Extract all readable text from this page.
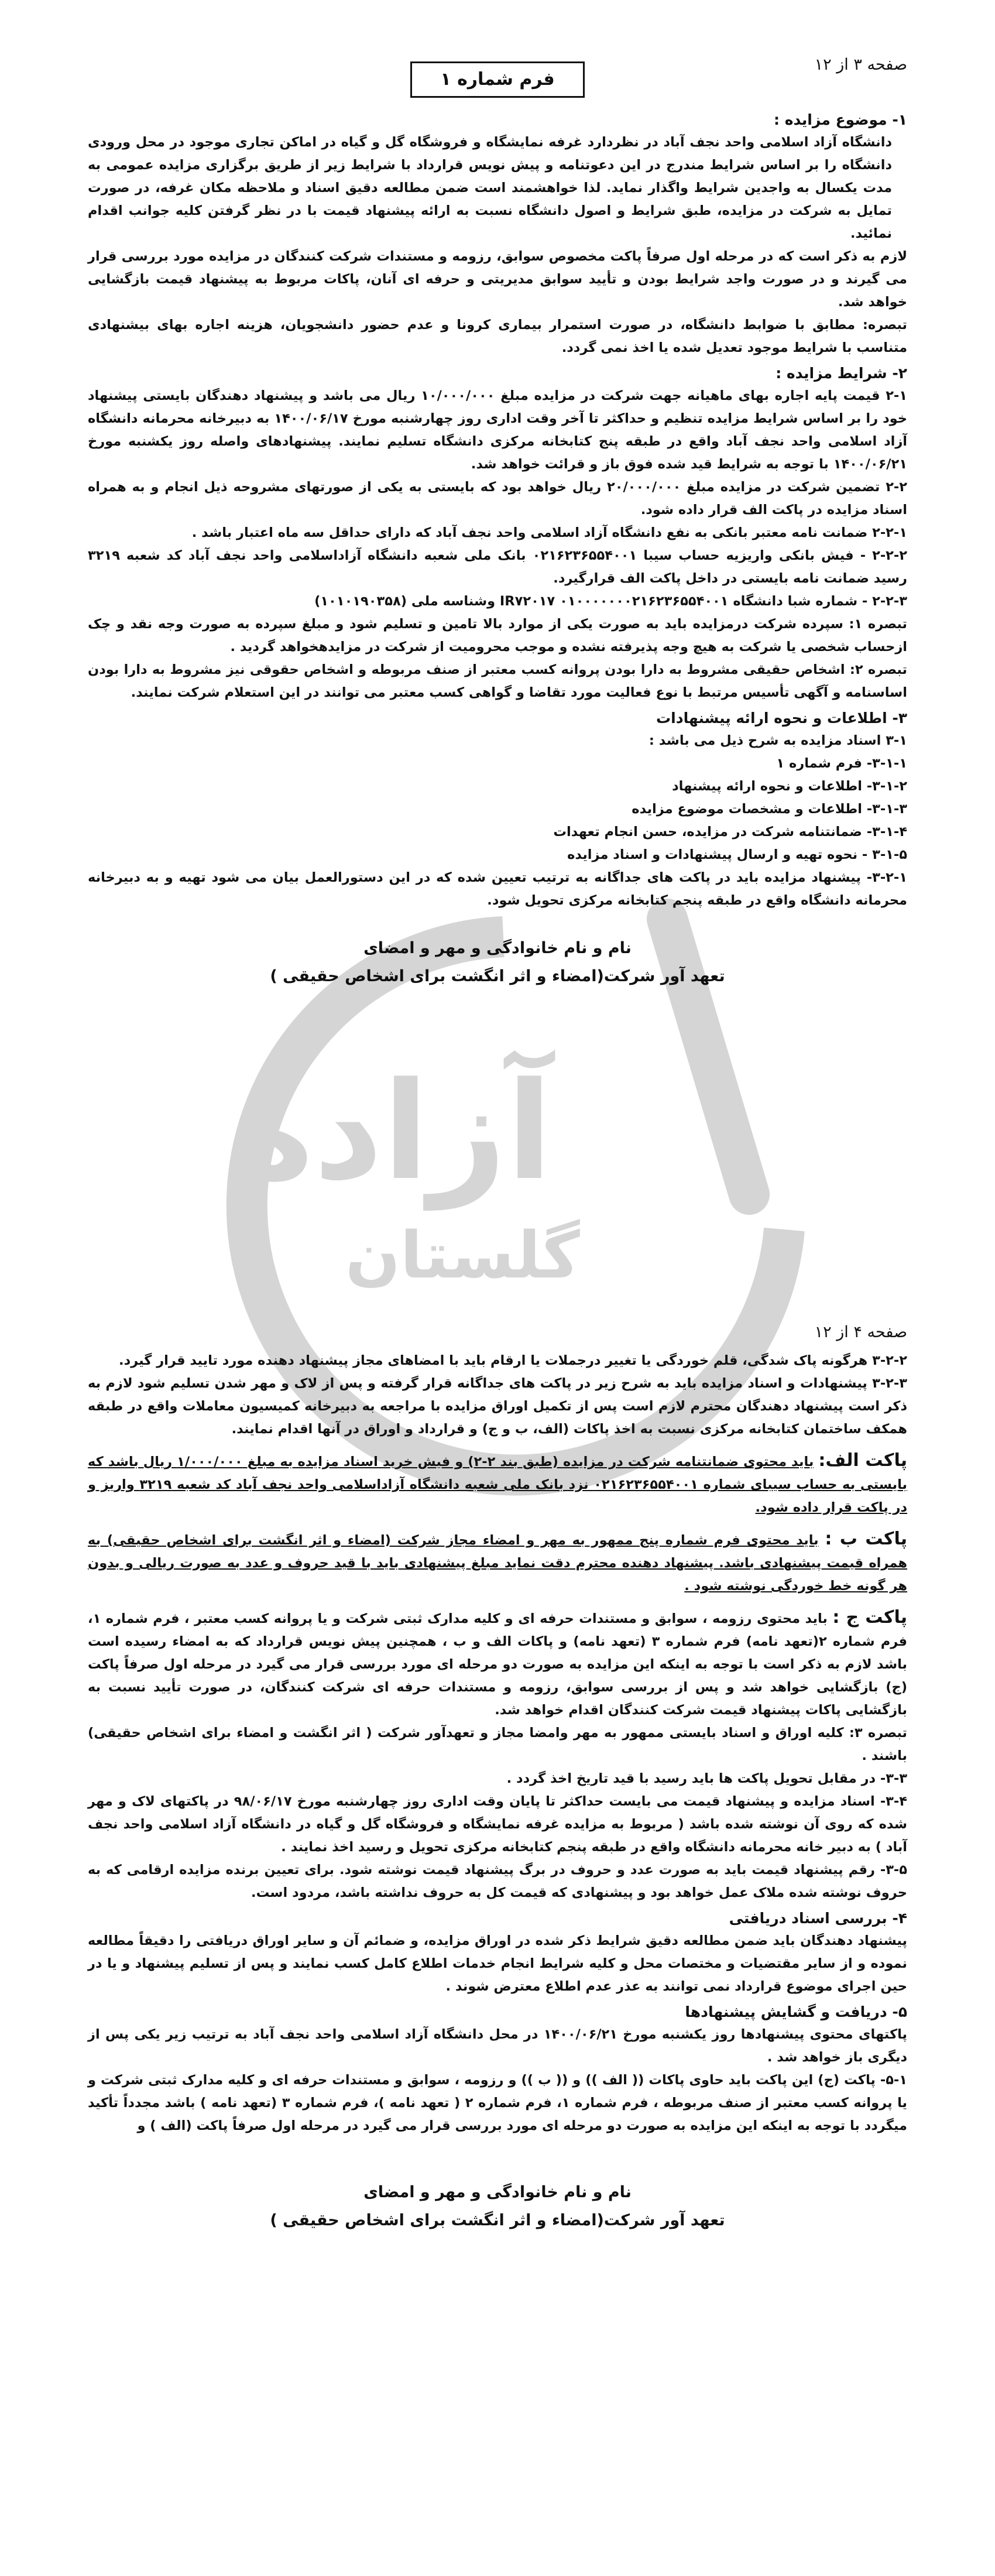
صفحه ۳ از ۱۲
فرم شماره ۱
۱- موضوع مزایده :
دانشگاه آزاد اسلامی واحد نجف آباد در نظردارد غرفه نمایشگاه و فروشگاه گل و گیاه در اماکن تجاری موجود در محل ورودی دانشگاه را بر اساس شرایط مندرج در این دعوتنامه و پیش نویس قرارداد با شرایط زیر از طریق برگزاری مزایده عمومی به مدت یکسال به واجدین شرایط واگذار نماید. لذا خواهشمند است ضمن مطالعه دقیق اسناد و ملاحظه مکان غرفه، در صورت تمایل به شرکت در مزایده، طبق شرایط و اصول دانشگاه نسبت به ارائه پیشنهاد قیمت با در نظر گرفتن کلیه جوانب اقدام نمائید.
لازم به ذکر است که در مرحله اول صرفاً پاکت مخصوص سوابق، رزومه و مستندات شرکت کنندگان در مزایده مورد بررسی قرار می گیرند و در صورت واجد شرایط بودن و تأیید سوابق مدیریتی و حرفه ای آنان، پاکات مربوط به پیشنهاد قیمت بازگشایی خواهد شد.
تبصره: مطابق با ضوابط دانشگاه، در صورت استمرار بیماری کرونا و عدم حضور دانشجویان، هزینه اجاره بهای بیشنهادی متناسب با شرایط موجود تعدیل شده یا اخذ نمی گردد.
۲- شرایط مزایده :
۲-۱ قیمت پایه اجاره بهای ماهیانه جهت شرکت در مزایده مبلغ ۱۰/۰۰۰/۰۰۰ ریال می باشد و پیشنهاد دهندگان بایستی پیشنهاد خود را بر اساس شرایط مزایده تنظیم و حداکثر تا آخر وقت اداری روز چهارشنبه مورخ ۱۴۰۰/۰۶/۱۷ به دبیرخانه محرمانه دانشگاه آزاد اسلامی واحد نجف آباد واقع در طبقه پنج کتابخانه مرکزی دانشگاه تسلیم نمایند. پیشنهادهای واصله روز یکشنبه مورخ ۱۴۰۰/۰۶/۲۱ با توجه به شرایط قید شده فوق باز و قرائت خواهد شد.
۲-۲ تضمین شرکت در مزایده مبلغ ۲۰/۰۰۰/۰۰۰ ریال خواهد بود که بایستی به یکی از صورتهای مشروحه ذیل انجام و به همراه اسناد مزایده در پاکت الف قرار داده شود.
۲-۲-۱ ضمانت نامه معتبر بانکی به نفع دانشگاه آزاد اسلامی واحد نجف آباد که دارای حداقل سه ماه اعتبار باشد .
۲-۲-۲ - فیش بانکی واریزیه حساب سیبا ۰۲۱۶۲۳۶۵۵۴۰۰۱ بانک ملی شعبه دانشگاه آزاداسلامی واحد نجف آباد کد شعبه ۳۲۱۹ رسید ضمانت نامه بایستی در داخل پاکت الف قرارگیرد.
۲-۲-۳ - شماره شبا دانشگاه ۰۱۰۰۰۰۰۰۰۲۱۶۲۳۶۵۵۴۰۰۱ IR۷۲۰۱۷ وشناسه ملی (۱۰۱۰۱۹۰۳۵۸)
تبصره ۱: سپرده شرکت درمزایده باید به صورت یکی از موارد بالا تامین و تسلیم شود و مبلغ سپرده به صورت وجه نقد و چک ازحساب شخصی یا شرکت به هیچ وجه پذیرفته نشده و موجب محرومیت از شرکت در مزایدهخواهد گردید .
تبصره ۲: اشخاص حقیقی مشروط به دارا بودن پروانه کسب معتبر از صنف مربوطه و اشخاص حقوقی نیز مشروط به دارا بودن اساسنامه و آگهی تأسیس مرتبط با نوع فعالیت مورد تقاضا و گواهی کسب معتبر می توانند در این استعلام شرکت نمایند.
۳- اطلاعات و نحوه ارائه پیشنهادات
۳-۱ اسناد مزایده به شرح ذیل می باشد :
۳-۱-۱- فرم شماره ۱
۳-۱-۲- اطلاعات و نحوه ارائه پیشنهاد
۳-۱-۳- اطلاعات و مشخصات موضوع مزایده
۳-۱-۴- ضمانتنامه شرکت در مزایده، حسن انجام تعهدات
۳-۱-۵ - نحوه تهیه و ارسال پیشنهادات و اسناد مزایده
۳-۲-۱- پیشنهاد مزایده باید در پاکت های جداگانه به ترتیب تعیین شده که در این دستورالعمل بیان می شود تهیه و به دبیرخانه محرمانه دانشگاه واقع در طبقه پنجم کتابخانه مرکزی تحویل شود.
نام و نام خانوادگی و مهر و امضای
تعهد آور شرکت(امضاء و اثر انگشت برای اشخاص حقیقی )
آزاده
گلستان
صفحه ۴ از ۱۲
۳-۲-۲ هرگونه پاک شدگی، قلم خوردگی یا تغییر درجملات یا ارقام باید با امضاهای مجاز پیشنهاد دهنده مورد تایید قرار گیرد.
۳-۲-۳ پیشنهادات و اسناد مزایده باید به شرح زیر در پاکت های جداگانه قرار گرفته و پس از لاک و مهر شدن تسلیم شود لازم به ذکر است پیشنهاد دهندگان محترم لازم است پس از تکمیل اوراق مزایده با مراجعه به دبیرخانه کمیسیون معاملات واقع در طبقه همکف ساختمان کتابخانه مرکزی نسبت به اخذ پاکات (الف، ب و ج) و قرارداد و اوراق در آنها اقدام نمایند.
پاکت الف: باید محتوی ضمانتنامه شرکت در مزایده (طبق بند ۲-۲) و فیش خرید اسناد مزایده به مبلغ ۱/۰۰۰/۰۰۰ ریال باشد که بایستی به حساب سیبای شماره ۰۲۱۶۲۳۶۵۵۴۰۰۱ نزد بانک ملی شعبه دانشگاه آزاداسلامی واحد نجف آباد کد شعبه ۳۲۱۹ واریز و در پاکت قرار داده شود.
پاکت ب : باید محتوی فرم شماره پنج ممهور به مهر و امضاء مجاز شرکت (امضاء و اثر انگشت برای اشخاص حقیقی) به همراه قیمت پیشنهادی باشد. پیشنهاد دهنده محترم دقت نماید مبلغ پیشنهادی باید با قید حروف و عدد به صورت ریالی و بدون هر گونه خط خوردگی نوشته شود .
پاکت ج : باید محتوی رزومه ، سوابق و مستندات حرفه ای و کلیه مدارک ثبتی شرکت و یا پروانه کسب معتبر ، فرم شماره ۱، فرم شماره ۲(تعهد نامه) فرم شماره ۳ (تعهد نامه) و پاکات الف و ب ، همچنین پیش نویس قرارداد که به امضاء رسیده است باشد لازم به ذکر است با توجه به اینکه این مزایده به صورت دو مرحله ای مورد بررسی قرار می گیرد در مرحله اول صرفاً پاکت (ج) بازگشایی خواهد شد و پس از بررسی سوابق، رزومه و مستندات حرفه ای شرکت کنندگان، در صورت تأیید نسبت به بازگشایی پاکات پیشنهاد قیمت شرکت کنندگان اقدام خواهد شد.
تبصره ۳: کلیه اوراق و اسناد بایستی ممهور به مهر وامضا مجاز و تعهدآور شرکت ( اثر انگشت و امضاء برای اشخاص حقیقی) باشند .
۳-۳- در مقابل تحویل پاکت ها باید رسید با قید تاریخ اخذ گردد .
۳-۴- اسناد مزایده و پیشنهاد قیمت می بایست حداکثر تا پایان وقت اداری روز چهارشنبه مورخ ۹۸/۰۶/۱۷ در پاکتهای لاک و مهر شده که روی آن نوشته شده باشد ( مربوط به مزایده غرفه نمایشگاه و فروشگاه گل و گیاه در دانشگاه آزاد اسلامی واحد نجف آباد ) به دبیر خانه محرمانه دانشگاه واقع در طبقه پنجم کتابخانه مرکزی تحویل و رسید اخذ نمایند .
۳-۵- رقم پیشنهاد قیمت باید به صورت عدد و حروف در برگ پیشنهاد قیمت نوشته شود. برای تعیین برنده مزایده ارقامی که به حروف نوشته شده ملاک عمل خواهد بود و پیشنهادی که قیمت کل به حروف نداشته باشد، مردود است.
۴- بررسی اسناد دریافتی
پیشنهاد دهندگان باید ضمن مطالعه دقیق شرایط ذکر شده در اوراق مزایده، و ضمائم آن و سایر اوراق دریافتی را دقیقاً مطالعه نموده و از سایر مقتضیات و مختصات محل و کلیه شرایط انجام خدمات اطلاع کامل کسب نمایند و پس از تسلیم پیشنهاد و یا در حین اجرای موضوع قرارداد نمی توانند به عذر عدم اطلاع معترض شوند .
۵- دریافت و گشایش پیشنهادها
پاکتهای محتوی پیشنهادها روز یکشنبه مورخ ۱۴۰۰/۰۶/۲۱ در محل دانشگاه آزاد اسلامی واحد نجف آباد به ترتیب زیر یکی پس از دیگری باز خواهد شد .
۵-۱- پاکت (ج) این پاکت باید حاوی پاکات (( الف )) و (( ب )) و رزومه ، سوابق و مستندات حرفه ای و کلیه مدارک ثبتی شرکت و یا پروانه کسب معتبر از صنف مربوطه ، فرم شماره ۱، فرم شماره ۲ ( تعهد نامه )، فرم شماره ۳ (تعهد نامه ) باشد مجدداً تأکید میگردد با توجه به اینکه این مزایده به صورت دو مرحله ای مورد بررسی قرار می گیرد در مرحله اول صرفاً پاکت (الف ) و
نام و نام خانوادگی و مهر و امضای
تعهد آور شرکت(امضاء و اثر انگشت برای اشخاص حقیقی )
